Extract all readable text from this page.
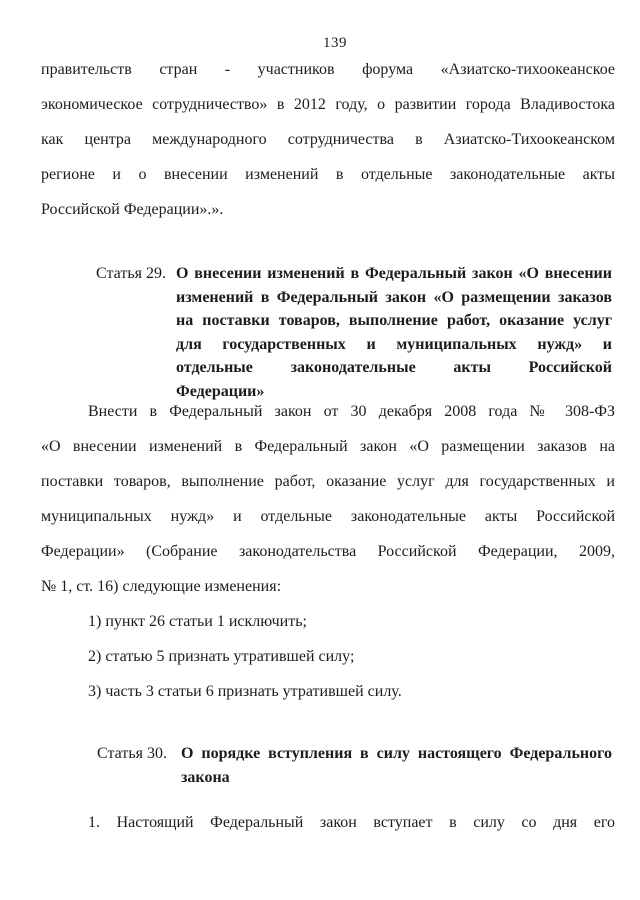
139
правительств стран - участников форума «Азиатско-тихоокеанское
экономическое сотрудничество» в 2012 году, о развитии города Владивостока
как центра международного сотрудничества в Азиатско-Тихоокеанском
регионе и о внесении изменений в отдельные законодательные акты
Российской Федерации».».
Статья 29. О внесении изменений в Федеральный закон «О внесении
изменений в Федеральный закон «О размещении заказов
на поставки товаров, выполнение работ, оказание услуг
для государственных и муниципальных нужд» и
отдельные законодательные акты Российской
Федерации»
Внести в Федеральный закон от 30 декабря 2008 года № 308-ФЗ
«О внесении изменений в Федеральный закон «О размещении заказов на
поставки товаров, выполнение работ, оказание услуг для государственных и
муниципальных нужд» и отдельные законодательные акты Российской
Федерации» (Собрание законодательства Российской Федерации, 2009,
№ 1, ст. 16) следующие изменения:
1) пункт 26 статьи 1 исключить;
2) статью 5 признать утратившей силу;
3) часть 3 статьи 6 признать утратившей силу.
Статья 30. О порядке вступления в силу настоящего Федерального
закона
1. Настоящий Федеральный закон вступает в силу со дня его
